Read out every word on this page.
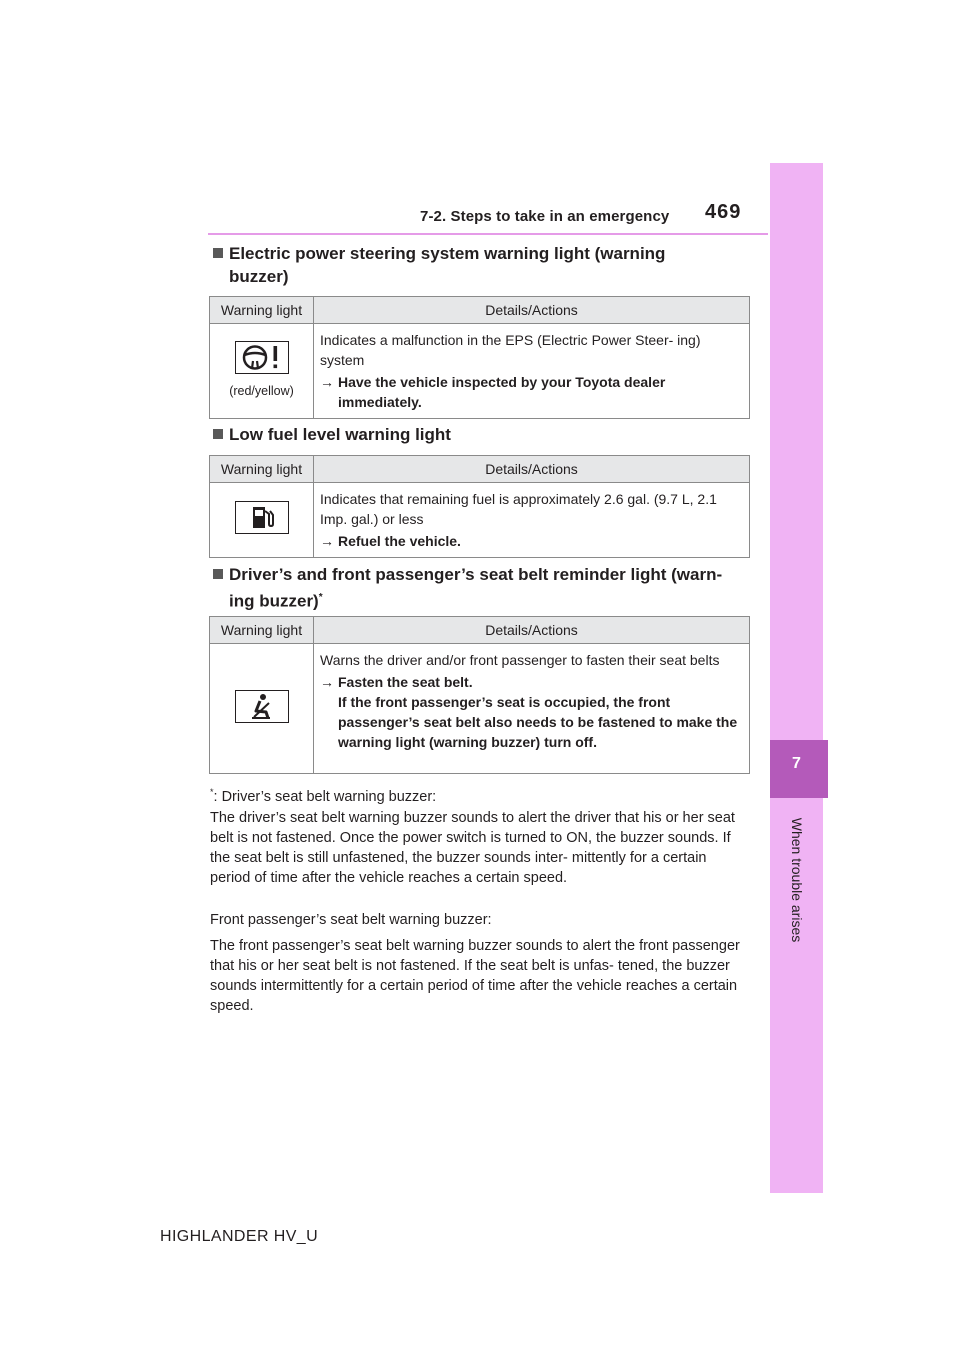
7-2. Steps to take in an emergency 469
7
When trouble arises
Electric power steering system warning light (warning
buzzer)
Warning light	Details/Actions

(red/yellow)	Indicates a malfunction in the EPS (Electric Power Steer- ing) system
→ Have the vehicle inspected by your Toyota dealer immediately.
Low fuel level warning light
Warning light	Details/Actions

Indicates that remaining fuel is approximately 2.6 gal. (9.7 L, 2.1 Imp. gal.) or less
→ Refuel the vehicle.
Driver’s and front passenger’s seat belt reminder light (warn-
ing buzzer)*
Warning light	Details/Actions

Warns the driver and/or front passenger to fasten their seat belts
→ Fasten the seat belt.
If the front passenger’s seat is occupied, the front passenger’s seat belt also needs to be fastened to make the warning light (warning buzzer) turn off.
*: Driver’s seat belt warning buzzer:

The driver’s seat belt warning buzzer sounds to alert the driver that his or her seat belt is not fastened. Once the power switch is turned to ON, the buzzer sounds. If the seat belt is still unfastened, the buzzer sounds inter- mittently for a certain period of time after the vehicle reaches a certain speed.

Front passenger’s seat belt warning buzzer:

The front passenger’s seat belt warning buzzer sounds to alert the front passenger that his or her seat belt is not fastened. If the seat belt is unfas- tened, the buzzer sounds intermittently for a certain period of time after the vehicle reaches a certain speed.

HIGHLANDER HV_U
